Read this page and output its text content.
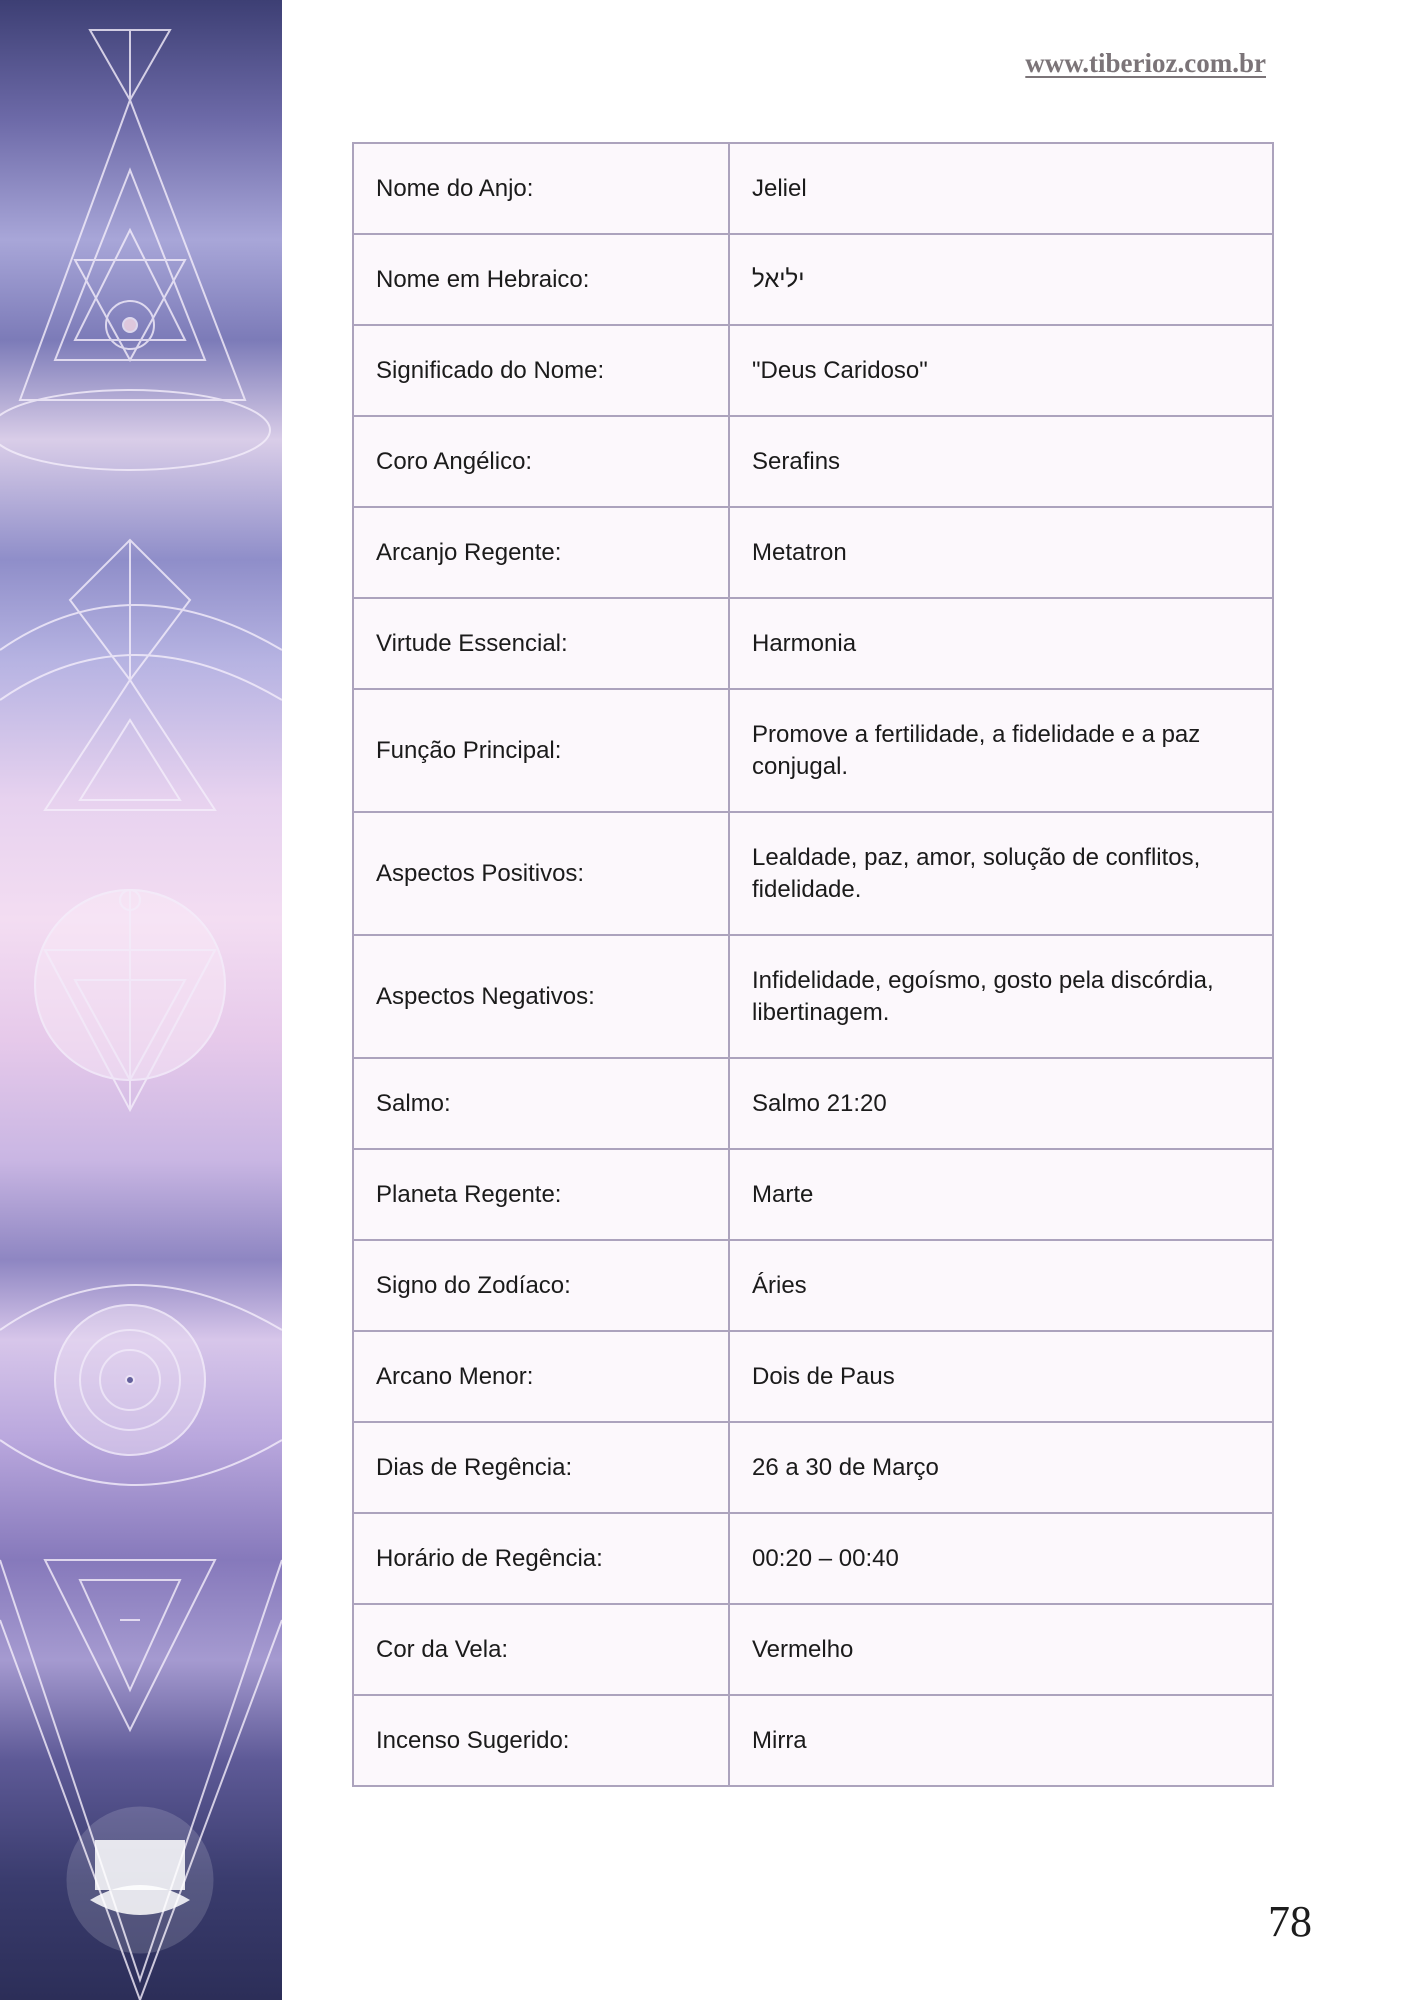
www.tiberioz.com.br
Nome do Anjo:	Jeliel
Nome em Hebraico:	יליאל
Significado do Nome:	"Deus Caridoso"
Coro Angélico:	Serafins
Arcanjo Regente:	Metatron
Virtude Essencial:	Harmonia
Função Principal:	Promove a fertilidade, a fidelidade e a paz conjugal.
Aspectos Positivos:	Lealdade, paz, amor, solução de conflitos, fidelidade.
Aspectos Negativos:	Infidelidade, egoísmo, gosto pela discórdia, libertinagem.
Salmo:	Salmo 21:20
Planeta Regente:	Marte
Signo do Zodíaco:	Áries
Arcano Menor:	Dois de Paus
Dias de Regência:	26 a 30 de Março
Horário de Regência:	00:20 – 00:40
Cor da Vela:	Vermelho
Incenso Sugerido:	Mirra
78
